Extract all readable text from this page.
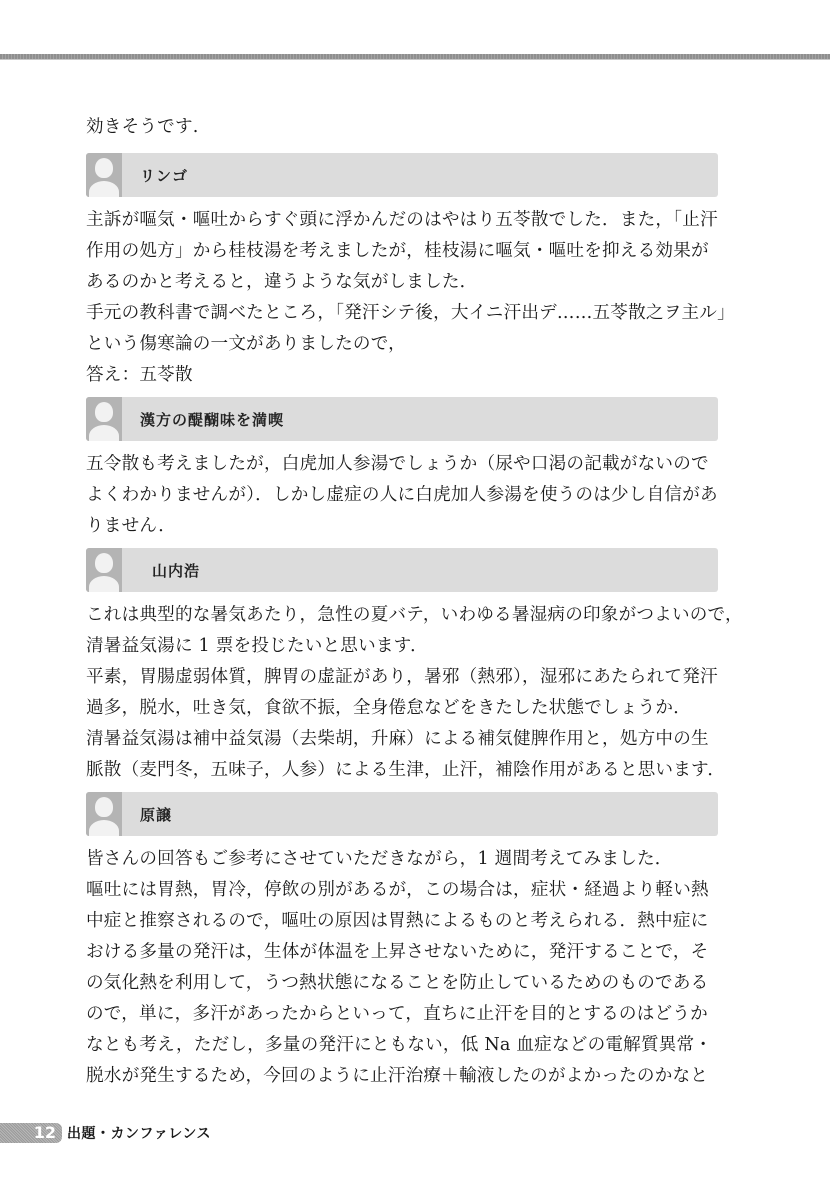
効きそうです.
リンゴ
主訴が嘔気・嘔吐からすぐ頭に浮かんだのはやはり五苓散でした．また，「止汗
作用の処方」から桂枝湯を考えましたが，桂枝湯に嘔気・嘔吐を抑える効果が
あるのかと考えると，違うような気がしました．
手元の教科書で調べたところ，「発汗シテ後，大イニ汗出デ……五苓散之ヲ主ル」
という傷寒論の一文がありましたので，
答え：五苓散
漢方の醍醐味を満喫
五令散も考えましたが，白虎加人参湯でしょうか（尿や口渇の記載がないので
よくわかりませんが）．しかし虚症の人に白虎加人参湯を使うのは少し自信があ
りません．
山内浩
これは典型的な暑気あたり，急性の夏バテ，いわゆる暑湿病の印象がつよいので，
清暑益気湯に 1 票を投じたいと思います．
平素，胃腸虚弱体質，脾胃の虚証があり，暑邪（熱邪），湿邪にあたられて発汗
過多，脱水，吐き気，食欲不振，全身倦怠などをきたした状態でしょうか．
清暑益気湯は補中益気湯（去柴胡，升麻）による補気健脾作用と，処方中の生
脈散（麦門冬，五味子，人参）による生津，止汗，補陰作用があると思います．
原譲
皆さんの回答もご参考にさせていただきながら，1 週間考えてみました．
嘔吐には胃熱，胃冷，停飲の別があるが，この場合は，症状・経過より軽い熱
中症と推察されるので，嘔吐の原因は胃熱によるものと考えられる．熱中症に
おける多量の発汗は，生体が体温を上昇させないために，発汗することで，そ
の気化熱を利用して，うつ熱状態になることを防止しているためのものである
ので，単に，多汗があったからといって，直ちに止汗を目的とするのはどうか
なとも考え，ただし，多量の発汗にともない，低 Na 血症などの電解質異常・
脱水が発生するため，今回のように止汗治療＋輸液したのがよかったのかなと
12 出題・カンファレンス
